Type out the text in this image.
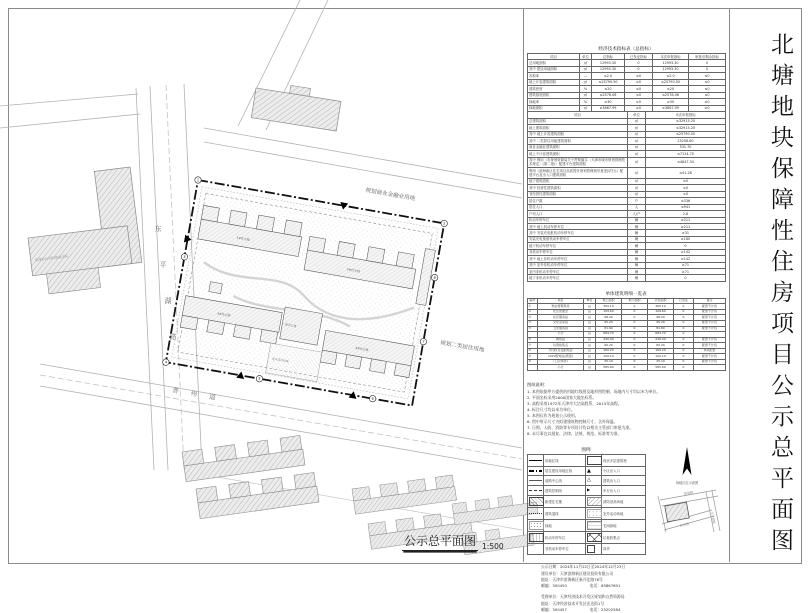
滨海新区消防救援支队
1#住宅楼
2#住宅楼
3#住宅楼
4#住宅楼
配套公建
室外活动场地
1
2
3
4
5
6
7
8
规划商业金融业用地
规划二类居住用地
东
平
湖
路
普 州 道
公示总平面图 1:500
经济技术指标表（总指标）
项目	单位	总指标	已发证指标	本次申报指标	审批后剩余指标
总用地面积	㎡	12993.30	0	12993.30	0
其中 建设用地面积	㎡	12993.30	0	12993.30	0
容积率	—	≤2.0	≤0	≤2.0	≤0
地上计容建筑面积	㎡	≤25790.50	≤0	≤25790.50	≤0
建筑密度	%	≤20	≤0	≤20	≤0
建筑基底面积	㎡	≤2578.06	≤0	≤2578.06	≤0
绿地率	%	≥30	≥0	≥30	≥0
绿地面积	㎡	≥3867.99	≥0	≥3867.99	≥0
项目	单位	本次申报指标
总建筑面积	㎡	≤32915.20
地上建筑面积	㎡	≤32915.20
其中 地上计容建筑面积	㎡	≤25790.50
其中 二类居住用地建筑面积	㎡	25258.80
商业金融业建筑面积	㎡	531.70
地上不计容建筑面积	㎡	≤7124.70
其中 利用《市规划资源局关于贯彻落实〈天津市城市规划管理技术规定〉(第二批)》配建平台建筑面积	㎡	≤4847.34
利用《滨海新区住宅项目品质提升规划管理指导意见(试行)》配建平台及出入口建筑面积	㎡	≤41.26
地下建筑面积	㎡	≤0
其中 经营性建筑面积	㎡	≤0
非经营性建筑面积	㎡	≤0
居住户数	户	≤336
居住人口	人	≤941
户均人口	人/户	2.8
机动车停车位	辆	≥211
其中 地上机动车停车位	辆	≥211
其中 安装充电桩机动车停车位	辆	≥31
安装充电预留机动车停车位	辆	≥180
地下机动车停车位	辆	0
非机动车停车位	辆	≥142
其中 地上非机动车停车位	辆	≥142
其中 室外非机动车停车位	辆	≥71
室内非机动车停车位	辆	≥71
地下非机动车停车位	辆	0
单体建筑明细一览表
编号	项目	单位	地上面积	地下面积	计容面积	已发证	备注
①	物业管理用房	㎡	300.10	0	300.10	0	配套不计容
②	社区居委会	㎡	109.60	0	109.60	0	配套不计容
③	社区服务站	㎡	98.20	0	98.20	0	配套不计容
④	文化活动站	㎡	95.20	0	95.20	0	配套不计容
⑤	卫生服务站	㎡	81.60	0	81.60	0	配套不计容
	小计	㎡	684.70	0	684.70	0	
⑥	换热站	㎡	240.00	0	240.00	0	配套不计容
⑦	垃圾收集点	㎡	60.20	0	60.20	0	配套不计容
⑧	开闭所及变配电站	㎡	160.20	0	160.20	0	市政配套
⑨	10kV配电站(预留)	㎡	100.10	0	100.10	0	配套不计容
⑩	门卫(岗亭)	㎡	25.10	0	25.10	0	配套不计容
	小计	㎡	585.60	0	585.60	0	
图纸说明：
1. 本图依据甲方提供的用地红线图及地形图绘制，场地内尺寸均以米为单位。
2. 平面坐标采用2000国家大地坐标系。
3. 高程采用1972年天津市大沽高程系，2015年高程。
4. 标注尺寸均以米为单位。
5. 本图仅作为规划公示使用。
6. 图中所示尺寸为拟建建筑物控制尺寸，含外保温。
7. 日照、人防、消防等专项设计均以相关主管部门审批为准。
8. 未尽事宜以批复、法律、法规、规范、标准等为准。
图例
	用地红线		现状多层建筑物
	居住建设用地红线	▲	小区出入口
	道路中心线	△	建筑出入口
	建筑控制线	▶	车行出入口
	新建住宅楼		消防登高场地
	建筑退线		室外活动场地
	绿地		宅间绿地
	机动车停车位		垃圾收集点
	非机动车停车位		岗亭
场地区位示意图
规划路
东平湖路
普州道
公示日期：2024年11月22日至2024年12月23日
建设单位：天津滨海新区建设投资有限公司
地址：天津市滨海新区新开北路78号
邮编：300450　　　　　　电话：65867691
受理单位：天津经济技术开发区规划和自然资源局
地址：天津经济技术开发区宏达街1号
邮编：300457　　　　　　电话：25202584
北塘地块保障性住房项目公示总平面图
